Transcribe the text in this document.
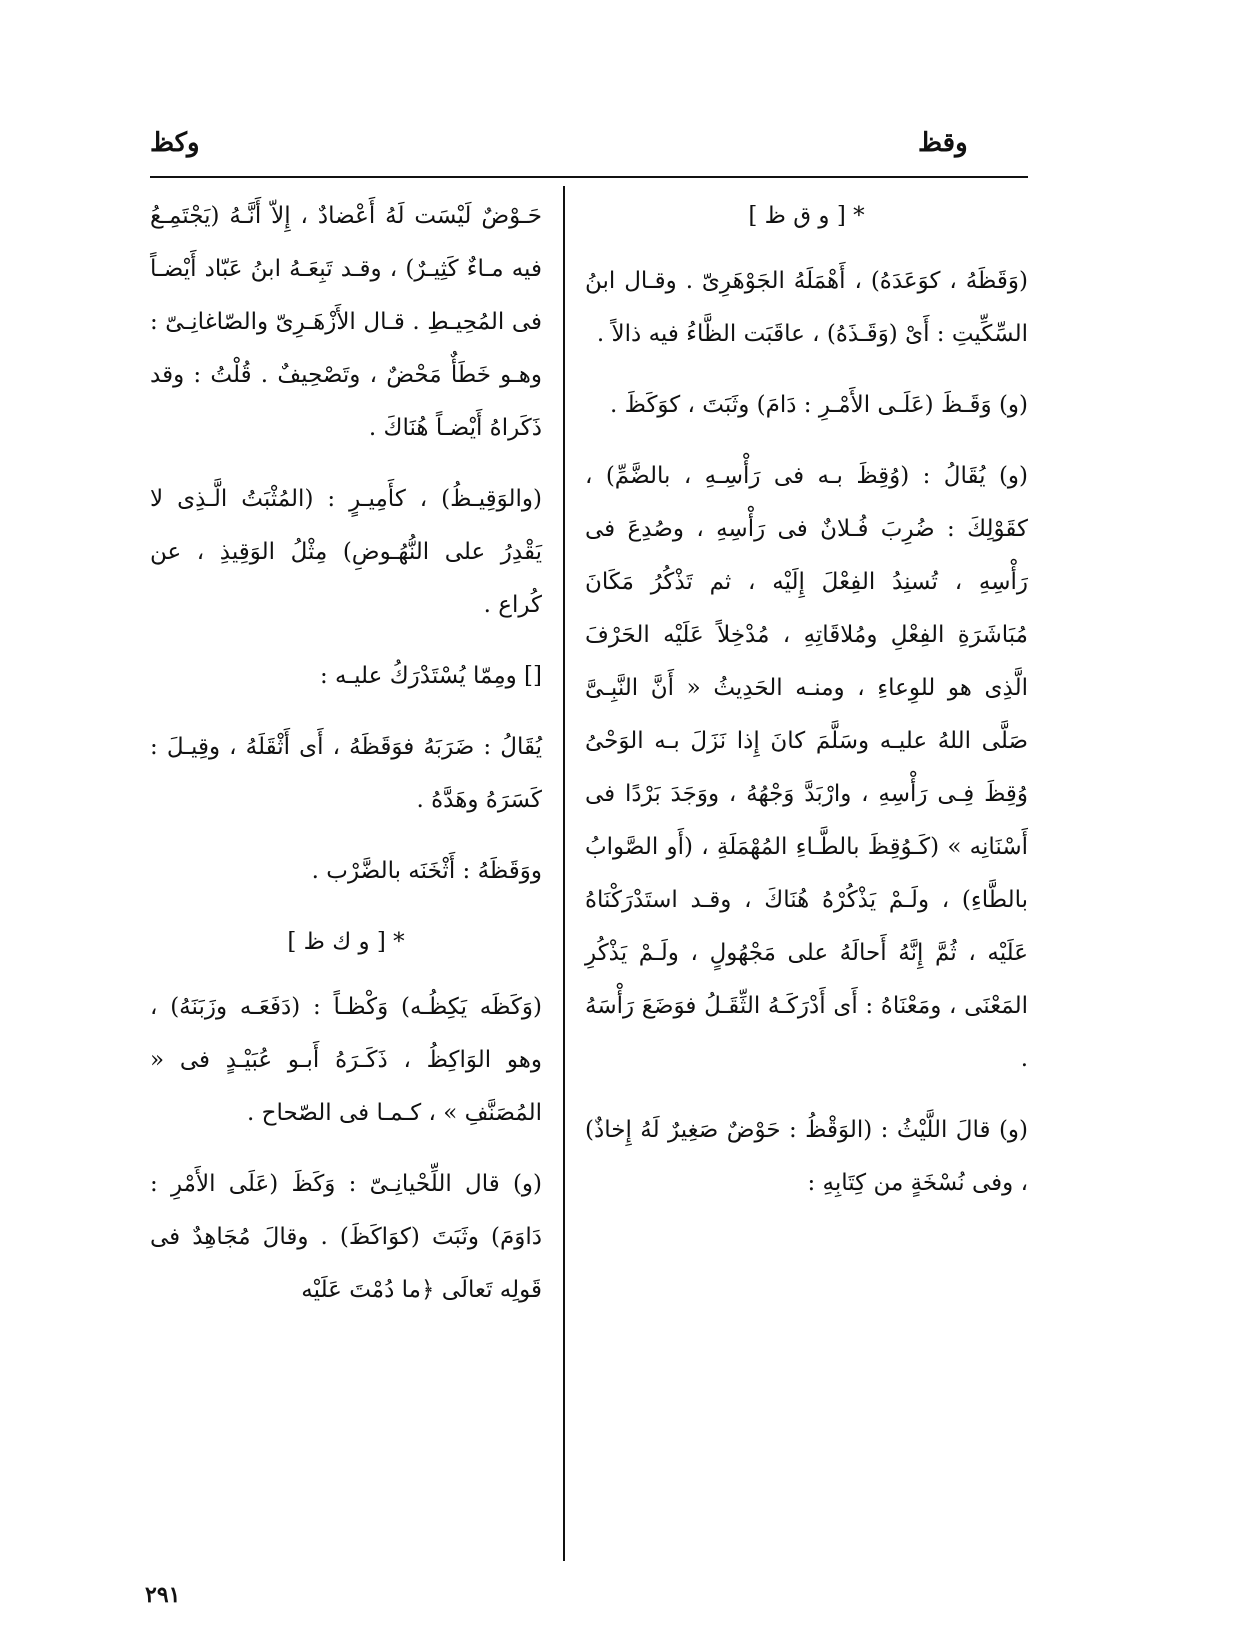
وقظ
وكظ

* [ و ق ظ ]

(وَقَظَهُ ، كوَعَدَهُ) ، أَهْمَلَهُ الجَوْهَرِىّ . وقـال ابنُ السِّكِّيتِ : أَىْ (وَقَـذَهُ) ، عاقَبَت الظَّاءُ فيه ذالاً .

(و) وَقَـظَ (عَلَـى الأَمْـرِ : دَامَ) وثَبَتَ ، كوَكَظَ .

(و) يُقَالُ : (وُقِظَ بـه فى رَأْسِـهِ ، بالضَّمِّ) ، كقَوْلِكَ : ضُرِبَ فُـلانٌ فى رَأْسِهِ ، وصُدِعَ فى رَأْسِهِ ، تُسنِدُ الفِعْلَ إِلَيْه ، ثم تَذْكُرُ مَكَانَ مُبَاشَرَةِ الفِعْلِ ومُلاقَاتِهِ ، مُدْخِلاً عَلَيْه الحَرْفَ الَّذِى هو للوِعاءِ ، ومنـه الحَدِيثُ « أَنَّ النَّبِـىَّ صَلَّى اللهُ عليـه وسَلَّمَ كانَ إِذا نَزَلَ بـه الوَحْىُ وُقِظَ فِـى رَأْسِهِ ، وارْبَدَّ وَجْهُهُ ، ووَجَدَ بَرْدًا فى أَسْنَانِه » (كَـوُقِظَ بالطَّـاءِ المُهْمَلَةِ ، (أَو الصَّوابُ بالطَّاءِ) ، ولَـمْ يَذْكُرْهُ هُنَاكَ ، وقـد استَدْرَكْنَاهُ عَلَيْه ، ثُمَّ إِنَّهُ أَحالَهُ على مَجْهُولٍ ، ولَـمْ يَذْكُرِ المَعْنَى ، ومَعْنَاهُ : أَى أَدْرَكَـهُ الثِّقَـلُ فوَضَعَ رَأْسَهُ .

(و) قالَ اللَّيْثُ : (الوَقْظُ : حَوْضٌ صَغِيرٌ لَهُ إِخاذٌ) ، وفى نُسْخَةٍ من كِتَابِهِ :

حَـوْضٌ لَيْسَت لَهُ أَعْضادٌ ، إِلاّ أَنَّـهُ (يَجْتَمِـعُ فيه مـاءٌ كَثِيـرٌ) ، وقـد تَبِعَـهُ ابنُ عَبّاد أَيْضـاً فى المُحِيـطِ . قـال الأَزْهَـرِىّ والصّاغانِـىّ : وهـو خَطَأٌ مَحْضٌ ، وتَصْحِيفٌ . قُلْتُ : وقد ذَكَراهُ أَيْضـاً هُنَاكَ .

(والوَقِيـظُ) ، كأَمِيـرٍ : (المُثْبَتُ الَّـذِى لا يَقْدِرُ على النُّهُـوضِ) مِثْلُ الوَقِيذِ ، عن كُراع .

[] ومِمّا يُسْتَدْرَكُ عليـه :

يُقَالُ : ضَرَبَهُ فوَقَظَهُ ، أَى أَثْقَلَهُ ، وقِيـلَ : كَسَرَهُ وهَدَّهُ .

ووَقَظَهُ : أَثْخَنَه بالضَّرْب .

* [ و ك ظ ]

(وَكَظَه يَكِظُـه) وَكْظـاً : (دَفَعَـه وزَبَنَهُ) ، وهو الوَاكِظُ ، ذَكَـرَهُ أَبـو عُبَيْـدٍ فى « المُصَنَّفِ » ، كـمـا فى الصّحاح .

(و) قال اللِّحْيانِـىّ : وَكَظَ (عَلَى الأَمْرِ : دَاوَمَ) وثَبَتَ (كوَاكَظَ) . وقالَ مُجَاهِدٌ فى قَولِه تَعالَى ﴿ما دُمْتَ عَلَيْه

٢٩١
